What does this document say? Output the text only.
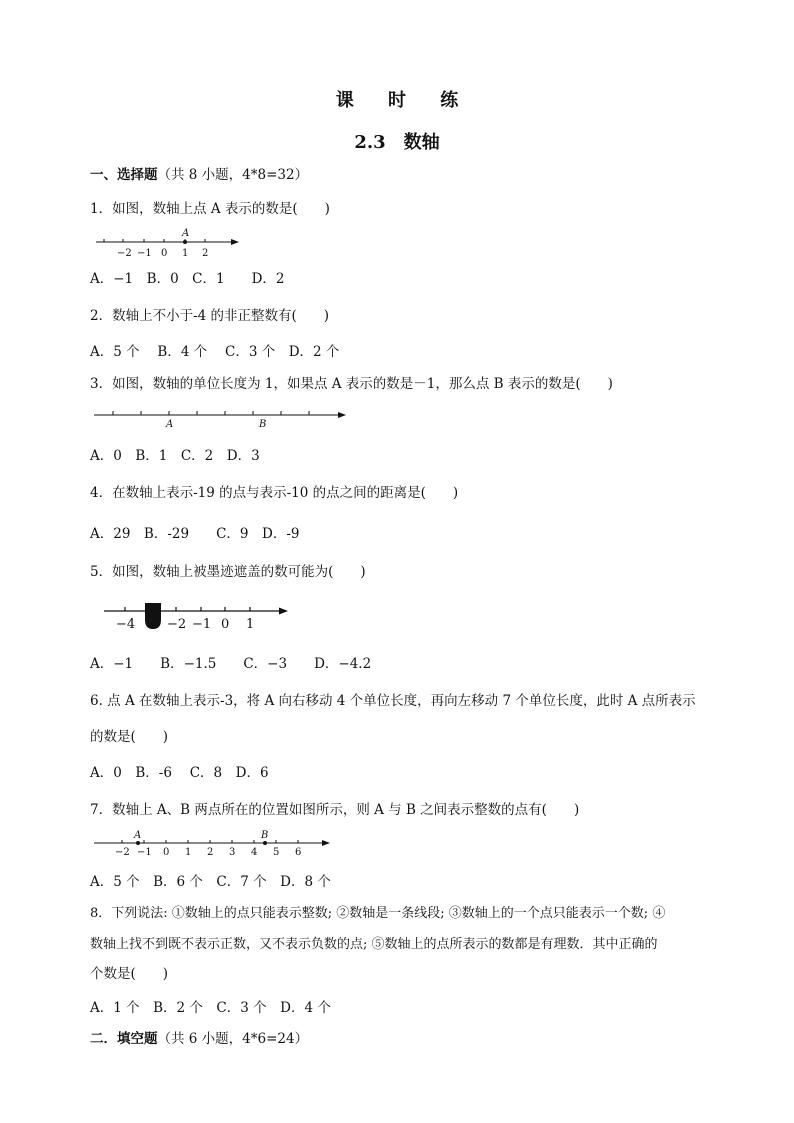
课 时 练
2.3　数轴
一、选择题（共 8 小题，4*8=32）
1．如图，数轴上点 A 表示的数是(　　)
A
−2 −1 0 1 2
A．−1　B．0　C．1　　D．2
2．数轴上不小于-4 的非正整数有(　　)
A．5 个　 B．4 个　 C．3 个　D．2 个
3．如图，数轴的单位长度为 1，如果点 A 表示的数是－1，那么点 B 表示的数是(　　)
A	B
A．0　B．1　C．2　D．3
4．在数轴上表示-19 的点与表示-10 的点之间的距离是(　　)
A．29　B．-29　　C．9　D．-9
5．如图，数轴上被墨迹遮盖的数可能为(　　)
−4 −2 −1 0 1
A．−1　　B．−1.5　　C．−3　　D．−4.2
6. 点 A 在数轴上表示-3，将 A 向右移动 4 个单位长度，再向左移动 7 个单位长度，此时 A 点所表示
的数是(　　)
A．0　B．-6　 C．8　D．6
7．数轴上 A、B 两点所在的位置如图所示，则 A 与 B 之间表示整数的点有(　　)
A	B
−2 −1 0 1 2 3 4 5 6
A．5 个　B．6 个　C．7 个　D．8 个
8．下列说法: ①数轴上的点只能表示整数; ②数轴是一条线段; ③数轴上的一个点只能表示一个数; ④
数轴上找不到既不表示正数，又不表示负数的点; ⑤数轴上的点所表示的数都是有理数．其中正确的
个数是(　　)
A．1 个　B．2 个　C．3 个　D．4 个
二．填空题（共 6 小题，4*6=24）
